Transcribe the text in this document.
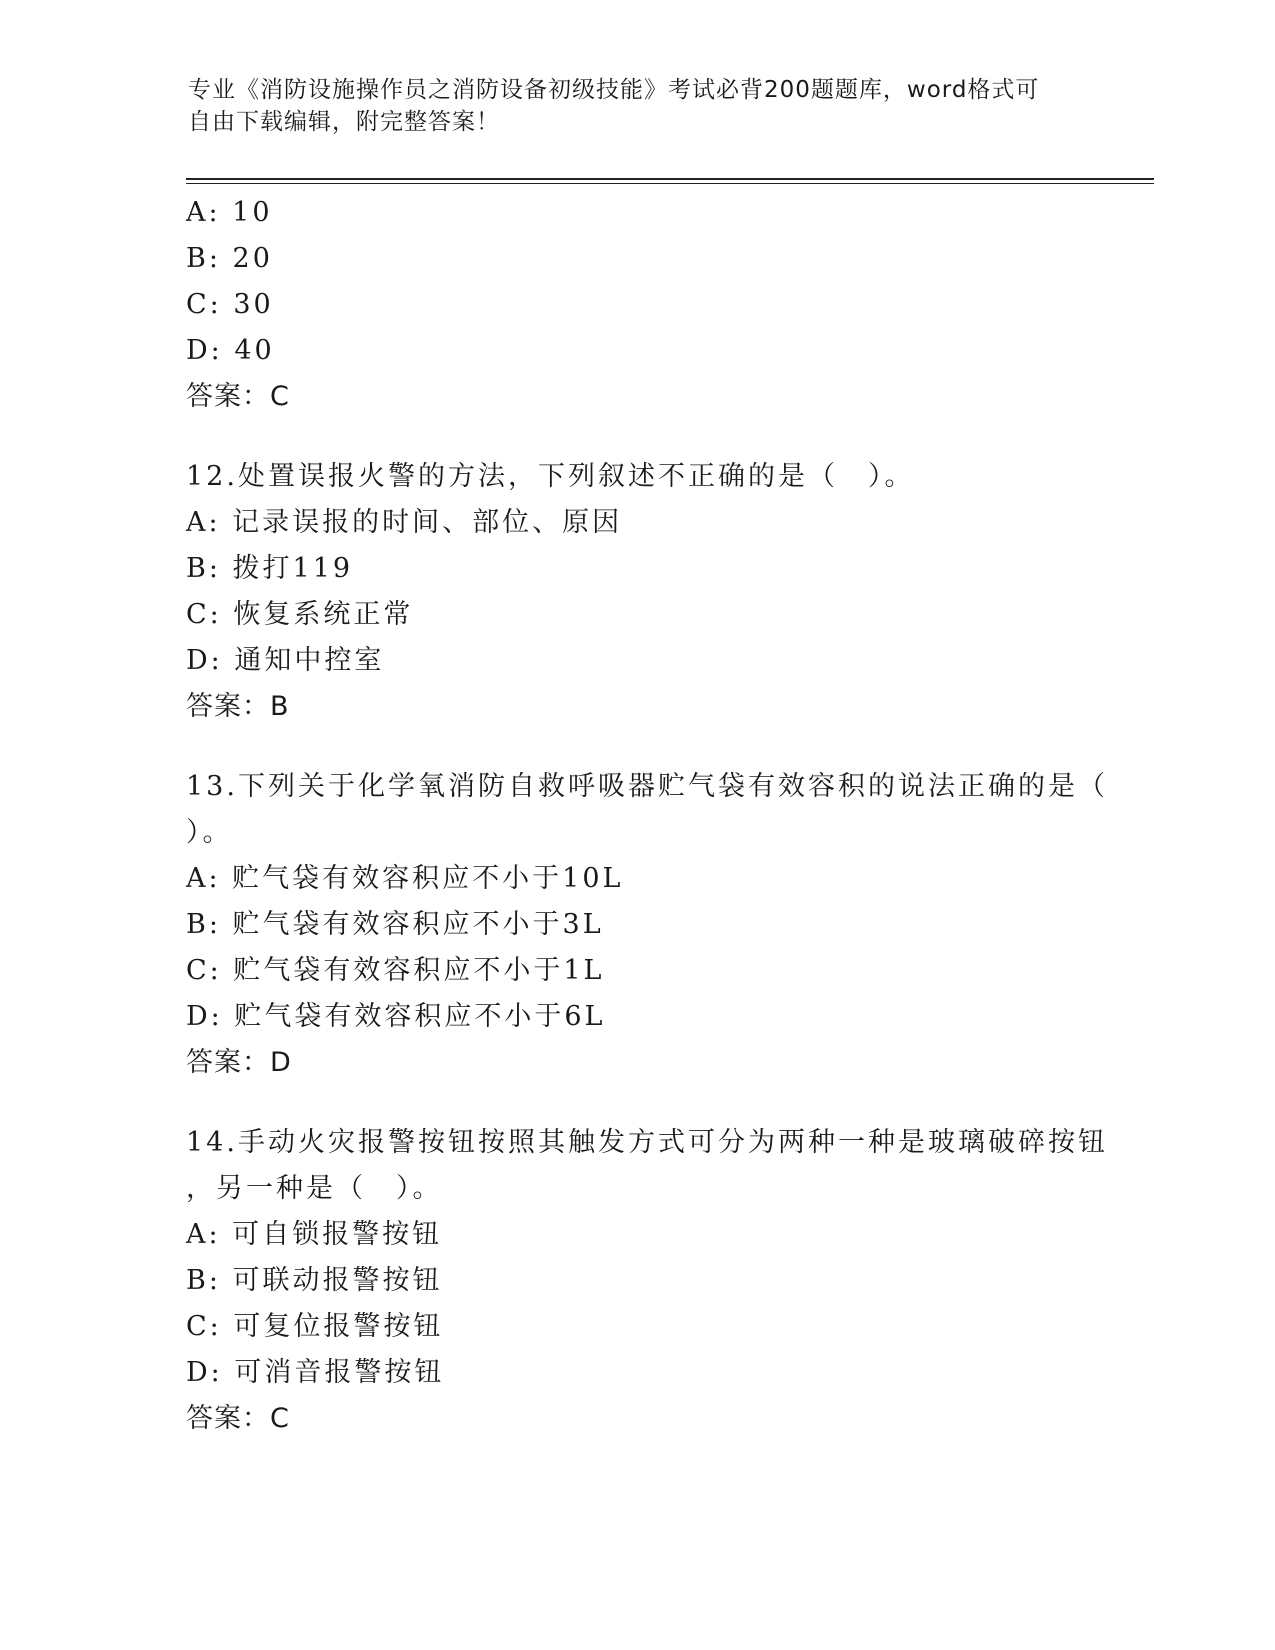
专业《消防设施操作员之消防设备初级技能》考试必背200题题库，word格式可
自由下载编辑，附完整答案！
A: 10
B: 20
C: 30
D: 40
答案：C
12.处置误报火警的方法，下列叙述不正确的是（　）。
A: 记录误报的时间、部位、原因
B: 拨打119
C: 恢复系统正常
D: 通知中控室
答案：B
13.下列关于化学氧消防自救呼吸器贮气袋有效容积的说法正确的是（
）。
A: 贮气袋有效容积应不小于10L
B: 贮气袋有效容积应不小于3L
C: 贮气袋有效容积应不小于1L
D: 贮气袋有效容积应不小于6L
答案：D
14.手动火灾报警按钮按照其触发方式可分为两种一种是玻璃破碎按钮
，另一种是（　）。
A: 可自锁报警按钮
B: 可联动报警按钮
C: 可复位报警按钮
D: 可消音报警按钮
答案：C
